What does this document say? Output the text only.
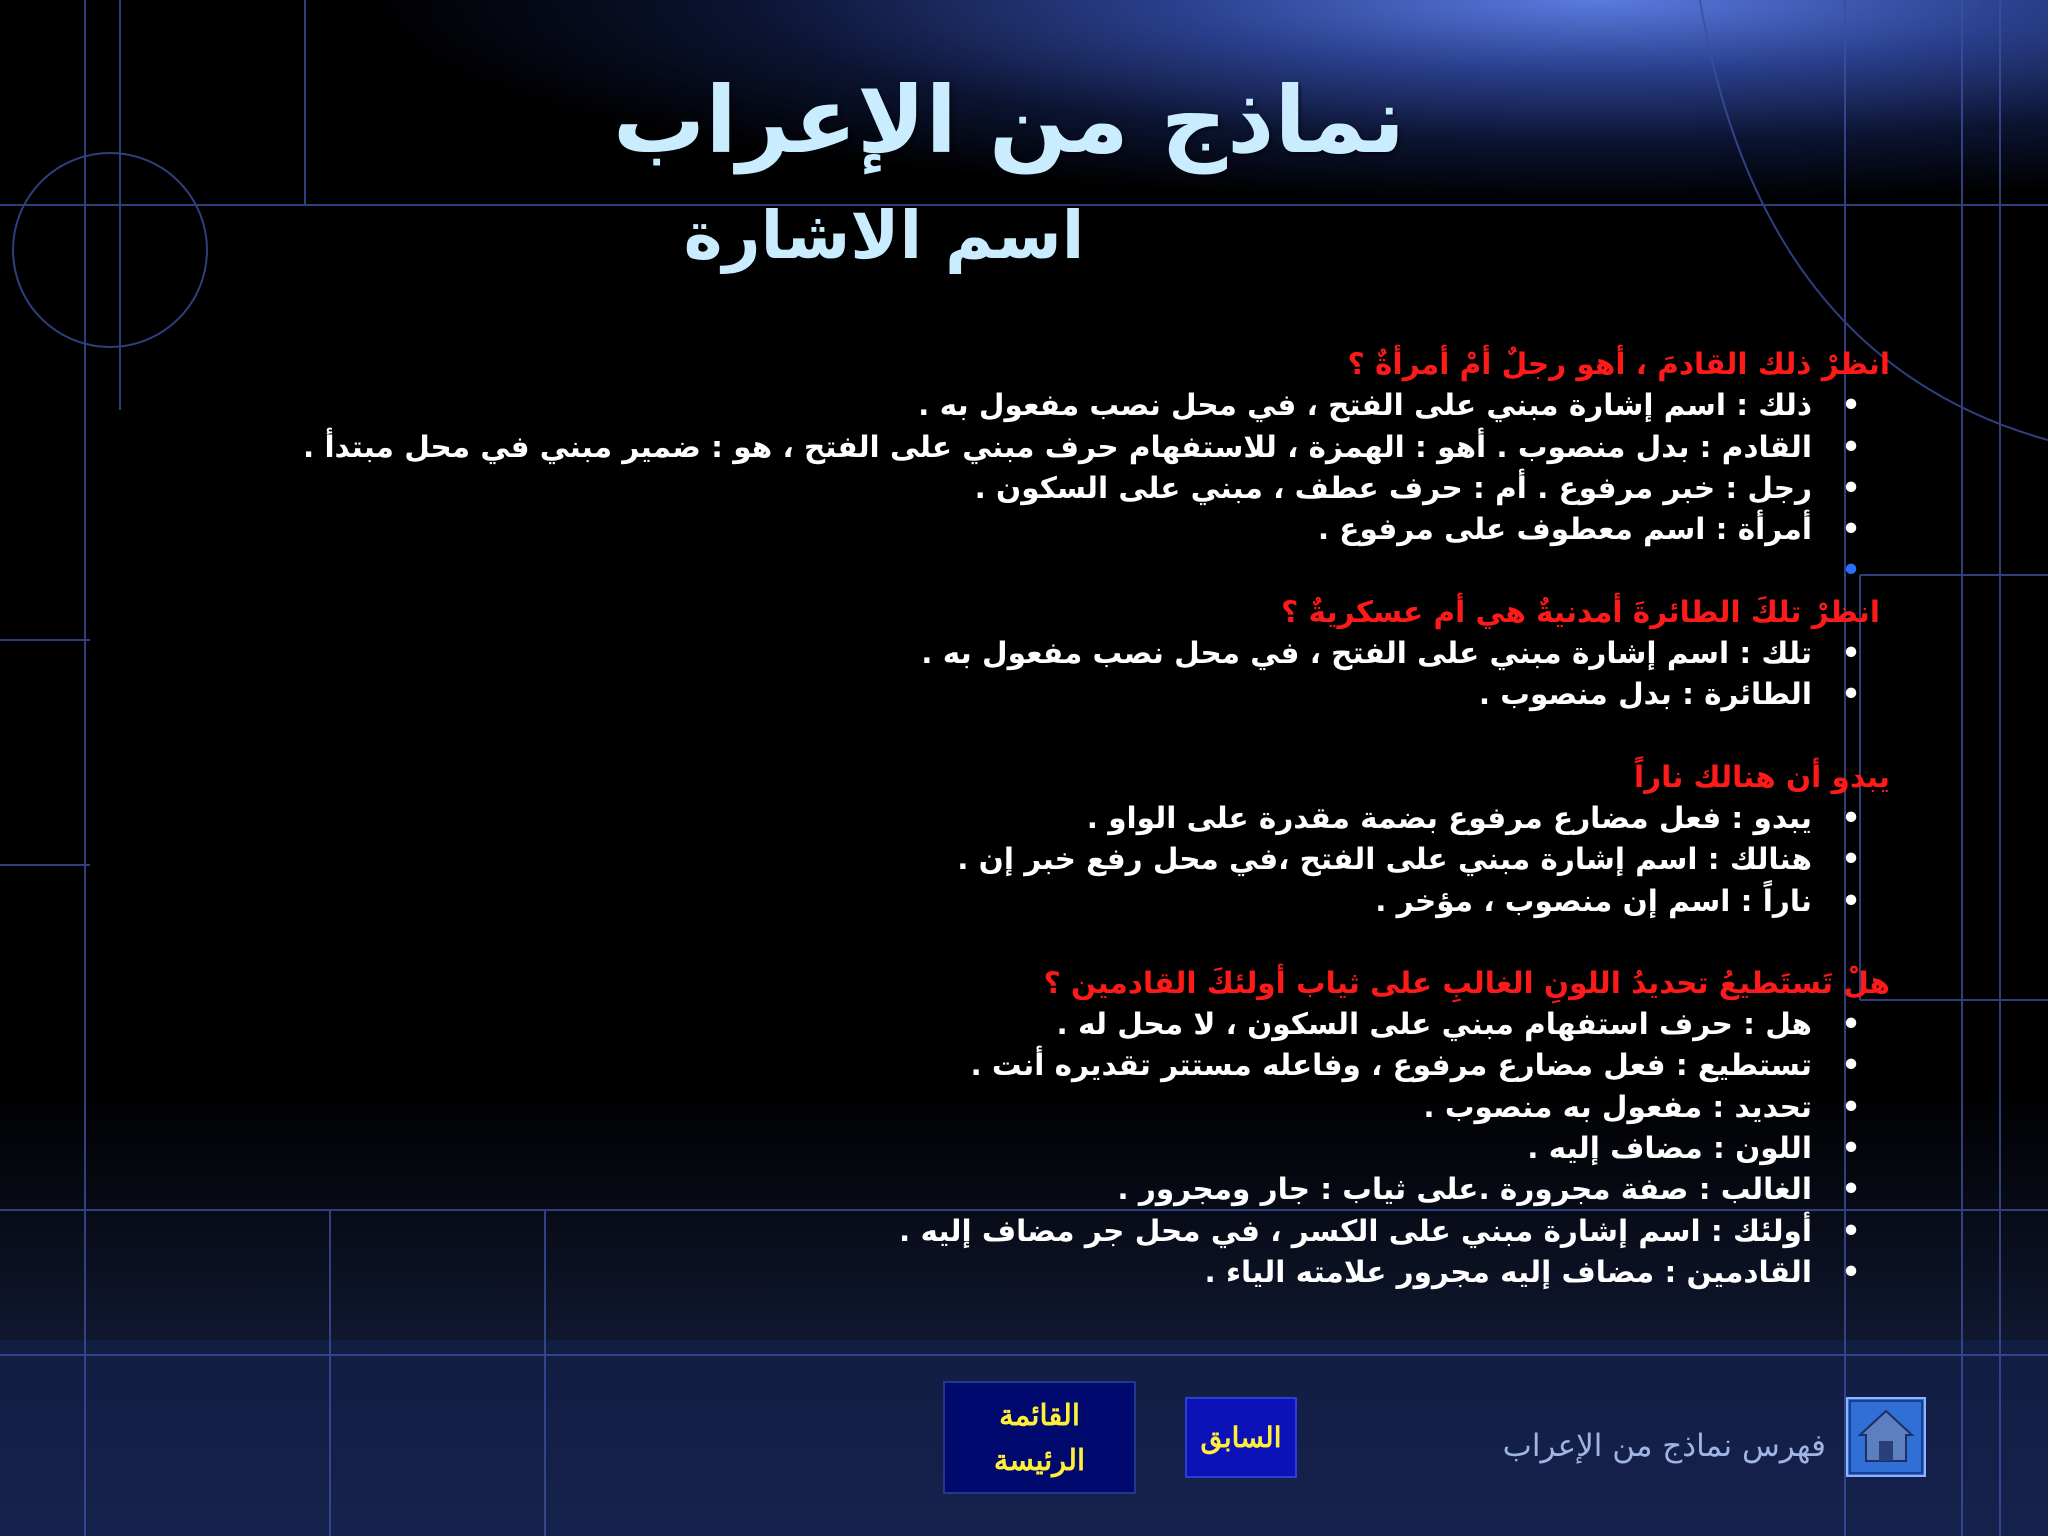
نماذج من الإعراب
اسم الاشارة

انظرْ ذلك القادمَ ، أهو رجلٌ أمْ أمرأةٌ ؟

•
ذلك : اسم إشارة مبني على الفتح ، في محل نصب مفعول به .

•
القادم : بدل منصوب . أهو : الهمزة ، للاستفهام حرف مبني على الفتح ، هو : ضمير مبني في محل مبتدأ .

•
رجل : خبر مرفوع . أم : حرف عطف ، مبني على السكون .

•
أمرأة : اسم معطوف على مرفوع .

•

انظرْ تلكَ الطائرةَ أمدنيةٌ هي أم عسكريةٌ ؟

•
تلك : اسم إشارة مبني على الفتح ، في محل نصب مفعول به .

•
الطائرة : بدل منصوب .

يبدو أن هنالك ناراً

•
يبدو : فعل مضارع مرفوع بضمة مقدرة على الواو .

•
هنالك : اسم إشارة مبني على الفتح ،في محل رفع خبر إن .

•
ناراً : اسم إن منصوب ، مؤخر .

هلْ تَستَطيعُ تحديدُ اللونِ الغالبِ على ثياب أولئكَ القادمين ؟

•
هل : حرف استفهام مبني على السكون ، لا محل له .

•
تستطيع : فعل مضارع مرفوع ، وفاعله مستتر تقديره أنت .

•
تحديد : مفعول به منصوب .

•
اللون : مضاف إليه .

•
الغالب : صفة مجرورة .على ثياب : جار ومجرور .

•
أولئك : اسم إشارة مبني على الكسر ، في محل جر مضاف إليه .

•
القادمين : مضاف إليه مجرور علامته الياء .

القائمة
الرئيسة
السابق	فهرس نماذج من الإعراب
